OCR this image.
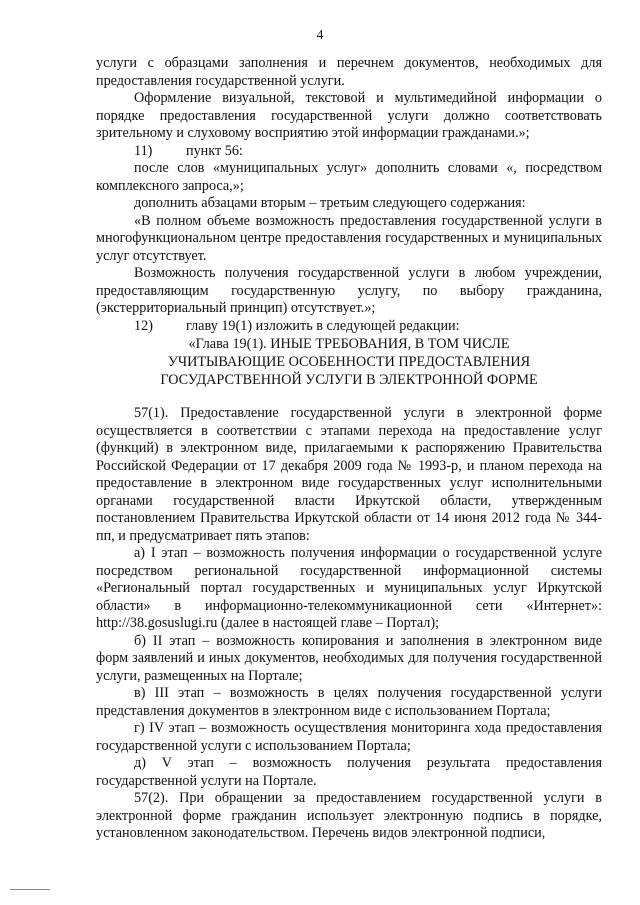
4

услуги с образцами заполнения и перечнем документов, необходимых для предоставления государственной услуги.

Оформление визуальной, текстовой и мультимедийной информации о порядке предоставления государственной услуги должно соответствовать зрительному и слуховому восприятию этой информации гражданами.»;

11) пункт 56:

после слов «муниципальных услуг» дополнить словами «, посредством комплексного запроса,»;

дополнить абзацами вторым – третьим следующего содержания:

«В полном объеме возможность предоставления государственной услуги в многофункциональном центре предоставления государственных и муниципальных услуг отсутствует.

Возможность получения государственной услуги в любом учреждении, предоставляющим государственную услугу, по выбору гражданина, (экстерриториальный принцип) отсутствует.»;

12) главу 19(1) изложить в следующей редакции:

«Глава 19(1). ИНЫЕ ТРЕБОВАНИЯ, В ТОМ ЧИСЛЕ

УЧИТЫВАЮЩИЕ ОСОБЕННОСТИ ПРЕДОСТАВЛЕНИЯ

ГОСУДАРСТВЕННОЙ УСЛУГИ В ЭЛЕКТРОННОЙ ФОРМЕ

57(1). Предоставление государственной услуги в электронной форме осуществляется в соответствии с этапами перехода на предоставление услуг (функций) в электронном виде, прилагаемыми к распоряжению Правительства Российской Федерации от 17 декабря 2009 года № 1993-р, и планом перехода на предоставление в электронном виде государственных услуг исполнительными органами государственной власти Иркутской области, утвержденным постановлением Правительства Иркутской области от 14 июня 2012 года № 344-пп, и предусматривает пять этапов:

а) I этап – возможность получения информации о государственной услуге посредством региональной государственной информационной системы «Региональный портал государственных и муниципальных услуг Иркутской области» в информационно-телекоммуникационной сети «Интернет»: http://38.gosuslugi.ru (далее в настоящей главе – Портал);

б) II этап – возможность копирования и заполнения в электронном виде форм заявлений и иных документов, необходимых для получения государственной услуги, размещенных на Портале;

в) III этап – возможность в целях получения государственной услуги представления документов в электронном виде с использованием Портала;

г) IV этап – возможность осуществления мониторинга хода предоставления государственной услуги с использованием Портала;

д) V этап – возможность получения результата предоставления государственной услуги на Портале.

57(2). При обращении за предоставлением государственной услуги в электронной форме гражданин использует электронную подпись в порядке, установленном законодательством. Перечень видов электронной подписи,
